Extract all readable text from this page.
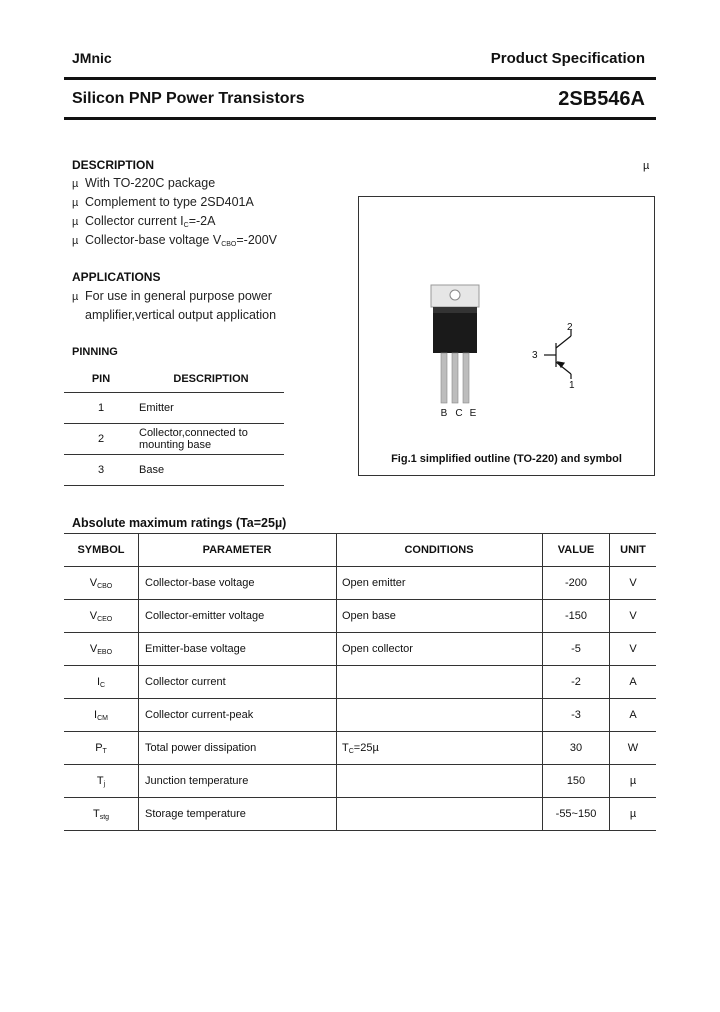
JMnic	Product Specification
Silicon PNP Power Transistors	2SB546A
µ
DESCRIPTION
µ With TO-220C package
µ Complement to type 2SD401A
µ Collector current $I_C=-2A$
µ Collector-base voltage $V_{CBO}=-200V$
APPLICATIONS
µ For use in general purpose power
amplifier,vertical output application
PINNING
PIN	DESCRIPTION
1	Emitter
2	Collector,connected to mounting base
3	Base
B C E
1
2
3
Fig.1 simplified outline (TO-220) and symbol
Absolute maximum ratings (Ta=25µ)
SYMBOL	PARAMETER	CONDITIONS	VALUE	UNIT
$V_{CBO}$	Collector-base voltage	Open emitter	-200	V
$V_{CEO}$	Collector-emitter voltage	Open base	-150	V
$V_{EBO}$	Emitter-base voltage	Open collector	-5	V
$I_C$	Collector current		-2	A
$I_{CM}$	Collector current-peak		-3	A
$P_T$	Total power dissipation	$T_C=25\mu$	30	W
$T_j$	Junction temperature		150	µ
$T_{stg}$	Storage temperature		-55~150	µ
